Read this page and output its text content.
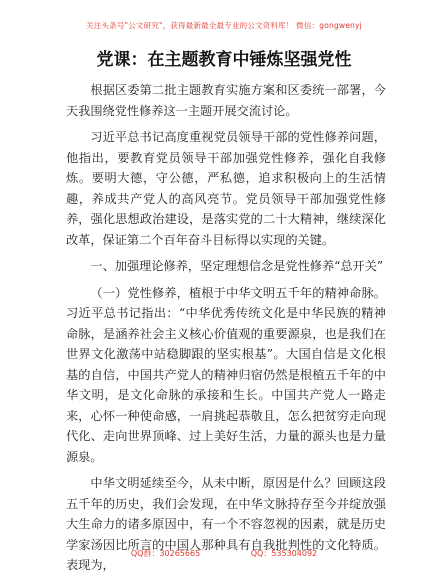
关注头条号"公文研究"，获得最新最全最专业的公文资料库！ 微信：gongwenyj
党课：在主题教育中锤炼坚强党性

根据区委第二批主题教育实施方案和区委统一部署，今天我围绕党性修养这一主题开展交流讨论。

习近平总书记高度重视党员领导干部的党性修养问题，他指出，要教育党员领导干部加强党性修养，强化自我修炼。要明大德，守公德，严私德，追求积极向上的生活情趣，养成共产党人的高风亮节。党员领导干部加强党性修养，强化思想政治建设，是落实党的二十大精神，继续深化改革，保证第二个百年奋斗目标得以实现的关键。

一、加强理论修养，坚定理想信念是党性修养“总开关”

（一）党性修养，植根于中华文明五千年的精神命脉。习近平总书记指出：“中华优秀传统文化是中华民族的精神命脉，是涵养社会主义核心价值观的重要源泉，也是我们在世界文化激荡中站稳脚跟的坚实根基”。大国自信是文化根基的自信，中国共产党人的精神归宿仍然是根植五千年的中华文明，是文化命脉的承接和生长。中国共产党人一路走来，心怀一种使命感，一肩挑起恭敬且，怎么把贫穷走向现代化、走向世界顶峰、过上美好生活，力量的源头也是力量源泉。

中华文明延续至今，从未中断，原因是什么？回顾这段五千年的历史，我们会发现，在中华文脉持存至今并绽放强大生命力的诸多原因中，有一个不容忽视的因素，就是历史学家汤因比所言的中国人那种具有自我批判性的文化特质。表现为，

QQ群：30265665	QQ：535304092
